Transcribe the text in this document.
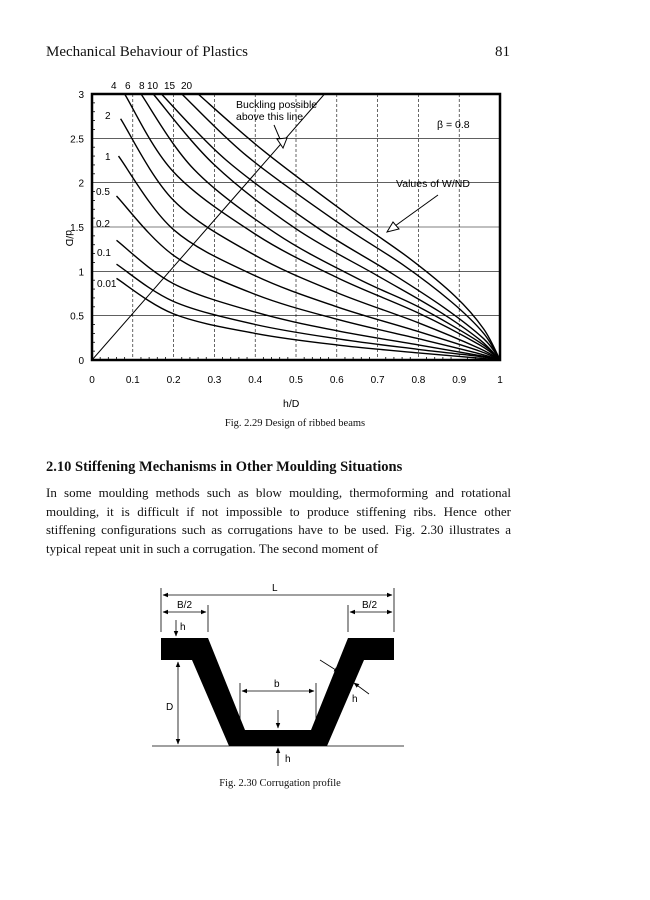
Mechanical Behaviour of Plastics	81
0	0.1	0.2	0.3	0.4	0.5	0.6	0.7	0.8	0.9	1
0
0.5
1
1.5
2
2.5
3
4 6 8 10 15 20
2
1
0.5
0.2
0.1
0.01
Buckling possible
above this line
β = 0.8
Values of W/ND
h/D
d/D
Fig. 2.29 Design of ribbed beams
2.10 Stiffening Mechanisms in Other Moulding Situations
In some moulding methods such as blow moulding, thermoforming and rotational moulding, it is difficult if not impossible to produce stiffening ribs. Hence other stiffening configurations such as corrugations have to be used. Fig. 2.30 illustrates a typical repeat unit in such a corrugation. The second moment of
L
B/2	B/2
h
D
b
h
h
Fig. 2.30 Corrugation profile
